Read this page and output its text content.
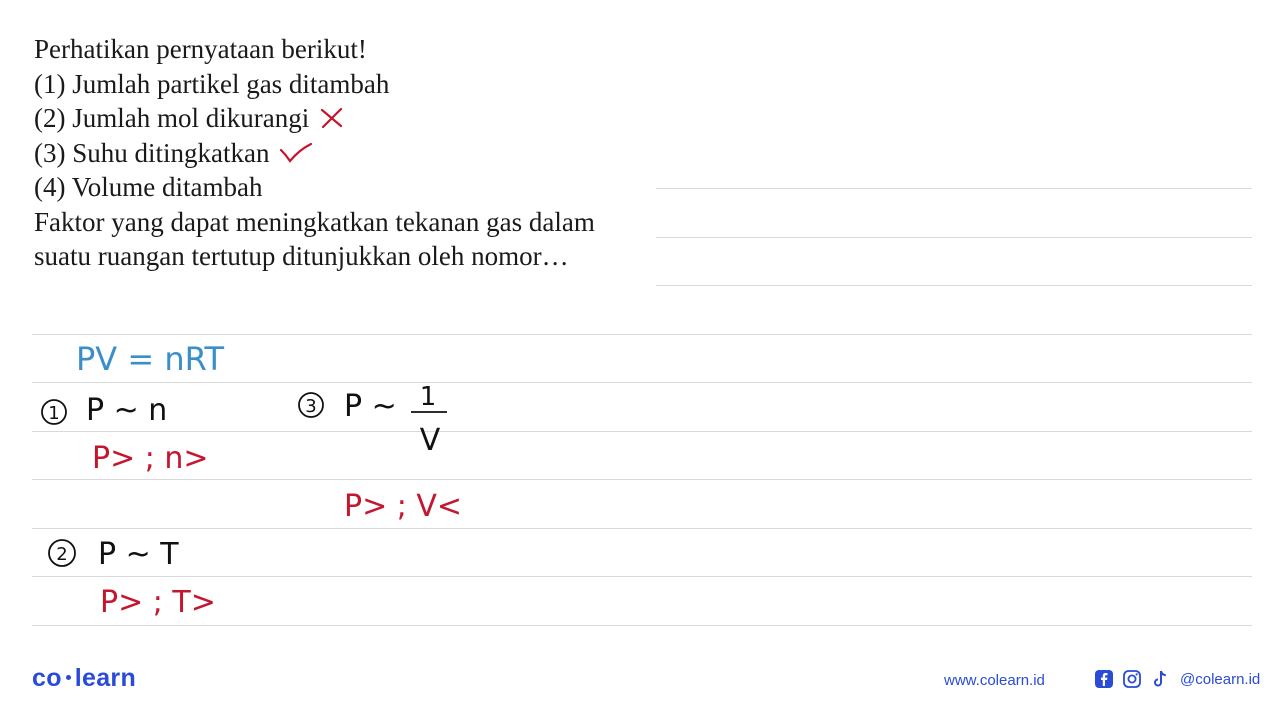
Perhatikan pernyataan berikut!
(1) Jumlah partikel gas ditambah
(2) Jumlah mol dikurangi
(3) Suhu ditingkatkan
(4) Volume ditambah
Faktor yang dapat meningkatkan tekanan gas dalam
suatu ruangan tertutup ditunjukkan oleh nomor…
PV = nRT
1 P ~ n
P> ; n>
3 P ~ 1
V
P> ; V<
2 P ~ T
P> ; T>
co learn	www.colearn.id	@colearn.id
